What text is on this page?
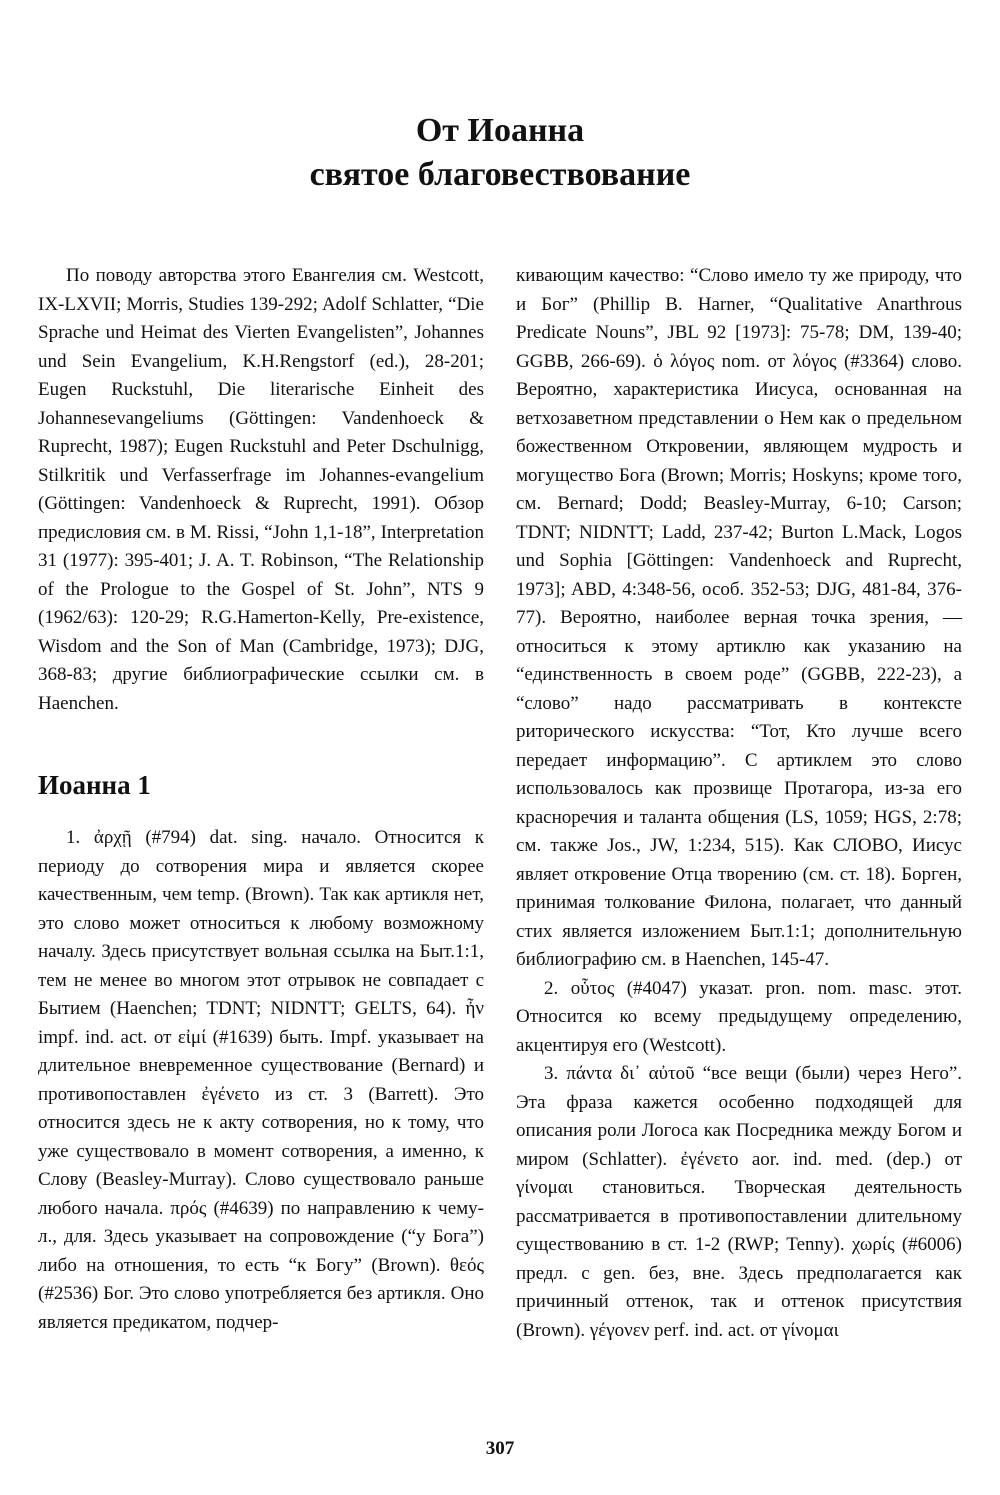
От Иоанна
святое благовествование

По поводу авторства этого Евангелия см. Westcott, IX-LXVII; Morris, Studies 139-292; Adolf Schlatter, “Die Sprache und Heimat des Vierten Evangelisten”, Johannes und Sein Evangelium, K.H.Rengstorf (ed.), 28-201; Eugen Ruckstuhl, Die literarische Einheit des Johannesevangeliums (Göttingen: Vandenhoeck & Ruprecht, 1987); Eugen Ruckstuhl and Peter Dschulnigg, Stilkritik und Verfasserfrage im Johannes-evangelium (Göttingen: Vandenhoeck & Ruprecht, 1991). Обзор предисловия см. в M. Rissi, “John 1,1-18”, Interpretation 31 (1977): 395-401; J. A. T. Robinson, “The Relationship of the Prologue to the Gospel of St. John”, NTS 9 (1962/63): 120-29; R.G.Hamerton-Kelly, Pre-existence, Wisdom and the Son of Man (Cambridge, 1973); DJG, 368-83; другие библиографические ссылки см. в Haenchen.

Иоанна 1

1. ἀρχῇ (#794) dat. sing. начало. Относится к периоду до сотворения мира и является скорее качественным, чем temp. (Brown). Так как артикля нет, это слово может относиться к любому возможному началу. Здесь присутствует вольная ссылка на Быт.1:1, тем не менее во многом этот отрывок не совпадает с Бытием (Haenchen; TDNT; NIDNTT; GELTS, 64). ἦν impf. ind. act. от εἰμί (#1639) быть. Impf. указывает на длительное вневременное существование (Bernard) и противопоставлен ἐγένετο из ст. 3 (Barrett). Это относится здесь не к акту сотворения, но к тому, что уже существовало в момент сотворения, а именно, к Слову (Beasley-Murray). Слово существовало раньше любого начала. πρός (#4639) по направлению к чему-л., для. Здесь указывает на сопровождение (“у Бога”) либо на отношения, то есть “к Богу” (Brown). θεός (#2536) Бог. Это слово употребляется без артикля. Оно является предикатом, подчер-

кивающим качество: “Слово имело ту же природу, что и Бог” (Phillip B. Harner, “Qualitative Anarthrous Predicate Nouns”, JBL 92 [1973]: 75-78; DM, 139-40; GGBB, 266-69). ὁ λόγος nom. от λόγος (#3364) слово. Вероятно, характеристика Иисуса, основанная на ветхозаветном представлении о Нем как о предельном божественном Откровении, являющем мудрость и могущество Бога (Brown; Morris; Hoskyns; кроме того, см. Bernard; Dodd; Beasley-Murray, 6-10; Carson; TDNT; NIDNTT; Ladd, 237-42; Burton L.Mack, Logos und Sophia [Göttingen: Vandenhoeck and Ruprecht, 1973]; ABD, 4:348-56, особ. 352-53; DJG, 481-84, 376-77). Вероятно, наиболее верная точка зрения, — относиться к этому артиклю как указанию на “единственность в своем роде” (GGBB, 222-23), а “слово” надо рассматривать в контексте риторического искусства: “Тот, Кто лучше всего передает информацию”. С артиклем это слово использовалось как прозвище Протагора, из-за его красноречия и таланта общения (LS, 1059; HGS, 2:78; см. также Jos., JW, 1:234, 515). Как СЛОВО, Иисус являет откровение Отца творению (см. ст. 18). Борген, принимая толкование Филона, полагает, что данный стих является изложением Быт.1:1; дополнительную библиографию см. в Haenchen, 145-47.

2. οὗτος (#4047) указат. pron. nom. masc. этот. Относится ко всему предыдущему определению, акцентируя его (Westcott).

3. πάντα δι᾽ αὐτοῦ “все вещи (были) через Него”. Эта фраза кажется особенно подходящей для описания роли Логоса как Посредника между Богом и миром (Schlatter). ἐγένετο aor. ind. med. (dep.) от γίνομαι становиться. Творческая деятельность рассматривается в противопоставлении длительному существованию в ст. 1-2 (RWP; Tenny). χωρίς (#6006) предл. с gen. без, вне. Здесь предполагается как причинный оттенок, так и оттенок присутствия (Brown). γέγονεν perf. ind. act. от γίνομαι

307
